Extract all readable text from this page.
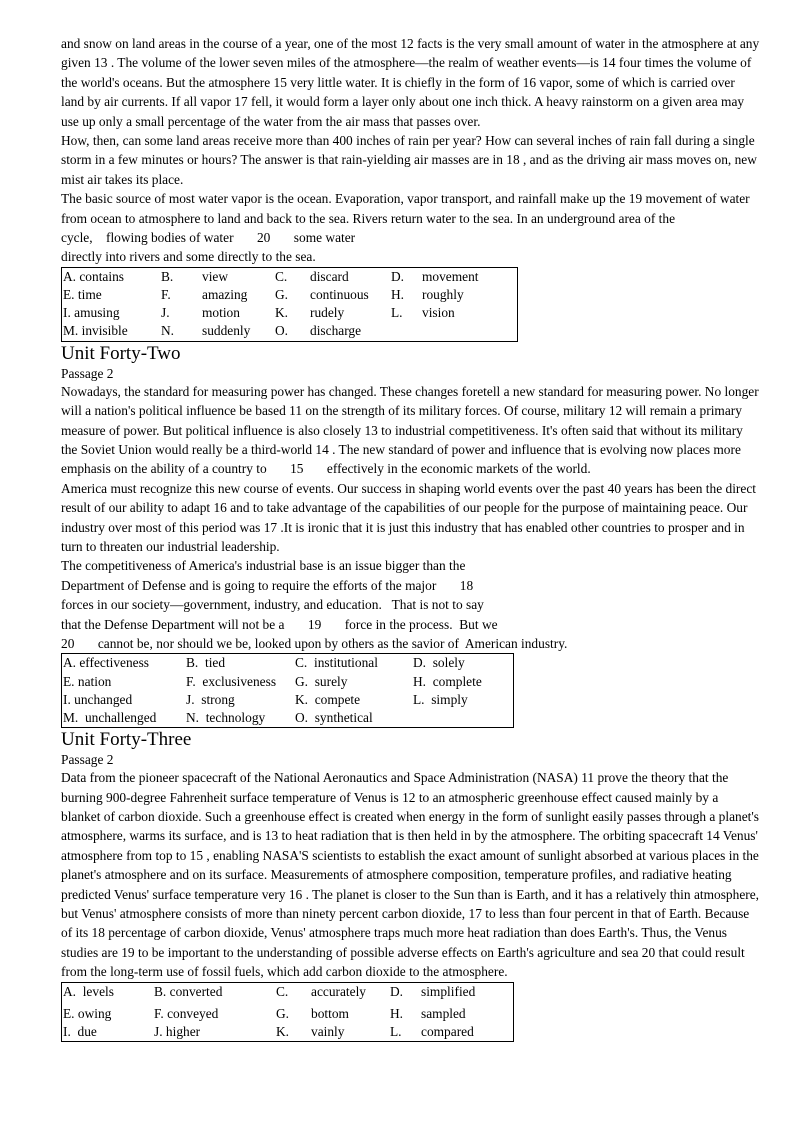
and snow on land areas in the course of a year, one of the most 12 facts is the very small amount of water in the atmosphere at any given 13 . The volume of the lower seven miles of the atmosphere—the realm of weather events—is 14 four times the volume of the world's oceans. But the atmosphere 15 very little water. It is chiefly in the form of 16 vapor, some of which is carried over land by air currents. If all vapor 17 fell, it would form a layer only about one inch thick. A heavy rainstorm on a given area may use up only a small percentage of the water from the air mass that passes over.

How, then, can some land areas receive more than 400 inches of rain per year? How can several inches of rain fall during a single storm in a few minutes or hours? The answer is that rain-yielding air masses are in 18 , and as the driving air mass moves on, new mist air takes its place.

The basic source of most water vapor is the ocean. Evaporation, vapor transport, and rainfall make up the 19 movement of water from ocean to atmosphere to land and back to the sea. Rivers return water to the sea. In an underground area of the

cycle,    flowing bodies of water       20       some water

directly into rivers and some directly to the sea.

A. contains	B.	view	C.	discard	D.	movement
E. time	F.	amazing	G.	continuous	H.	roughly
I. amusing	J.	motion	K.	rudely	L.	vision
M. invisible	N.	suddenly	O.	discharge		

Unit Forty-Two

Passage 2

Nowadays, the standard for measuring power has changed. These changes foretell a new standard for measuring power. No longer will a nation's political influence be based 11 on the strength of its military forces. Of course, military 12 will remain a primary measure of power. But political influence is also closely 13 to industrial competitiveness. It's often said that without its military the Soviet Union would really be a third-world 14 . The new standard of power and influence that is evolving now places more emphasis on the ability of a country to       15       effectively in the economic markets of the world.

America must recognize this new course of events. Our success in shaping world events over the past 40 years has been the direct result of our ability to adapt 16 and to take advantage of the capabilities of our people for the purpose of maintaining peace. Our industry over most of this period was 17 .It is ironic that it is just this industry that has enabled other countries to prosper and in turn to threaten our industrial leadership.

The competitiveness of America's industrial base is an issue bigger than the

Department of Defense and is going to require the efforts of the major       18

forces in our society—government, industry, and education.   That is not to say

that the Defense Department will not be a       19       force in the process.  But we

20       cannot be, nor should we be, looked upon by others as the savior of  American industry.

A. effectiveness	B.  tied	C.  institutional	D.  solely
E. nation	F.  exclusiveness	G.  surely	H.  complete
I. unchanged	J.  strong	K.  compete	L.  simply
M.  unchallenged	N.  technology	O.  synthetical	

Unit Forty-Three

Passage 2

Data from the pioneer spacecraft of the National Aeronautics and Space Administration (NASA) 11 prove the theory that the burning 900-degree Fahrenheit surface temperature of Venus is 12 to an atmospheric greenhouse effect caused mainly by a blanket of carbon dioxide. Such a greenhouse effect is created when energy in the form of sunlight easily passes through a planet's atmosphere, warms its surface, and is 13 to heat radiation that is then held in by the atmosphere. The orbiting spacecraft 14 Venus' atmosphere from top to 15 , enabling NASA'S scientists to establish the exact amount of sunlight absorbed at various places in the planet's atmosphere and on its surface. Measurements of atmosphere composition, temperature profiles, and radiative heating predicted Venus' surface temperature very 16 . The planet is closer to the Sun than is Earth, and it has a relatively thin atmosphere, but Venus' atmosphere consists of more than ninety percent carbon dioxide, 17 to less than four percent in that of Earth. Because of its 18 percentage of carbon dioxide, Venus' atmosphere traps much more heat radiation than does Earth's. Thus, the Venus studies are 19 to be important to the understanding of possible adverse effects on Earth's agriculture and sea 20 that could result from the long-term use of fossil fuels, which add carbon dioxide to the atmosphere.

A.  levels	B. converted	C.	accurately	D.	simplified
E. owing	F. conveyed	G.	bottom	H.	sampled
I.  due	J. higher	K.	vainly	L.	compared
